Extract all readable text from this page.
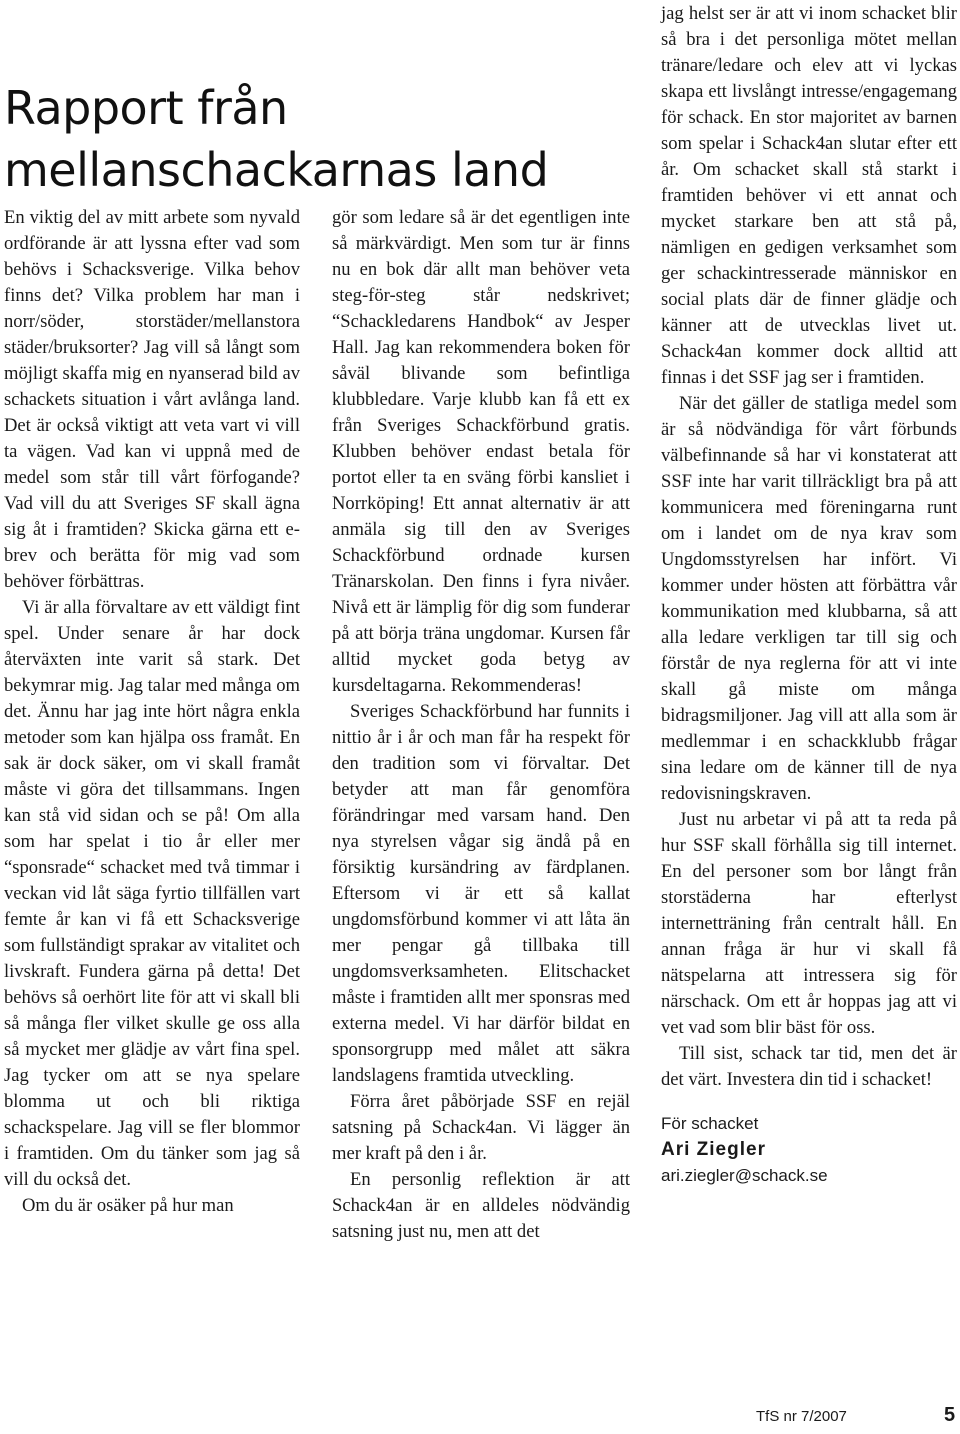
Rapport från
mellanschackarnas land

En viktig del av mitt arbete som nyvald ordförande är att lyssna efter vad som behövs i Schacksverige. Vilka behov finns det? Vilka problem har man i norr/söder, storstäder/mellanstora städer/bruksorter? Jag vill så långt som möjligt skaffa mig en nyanserad bild av schackets situation i vårt avlånga land. Det är också viktigt att veta vart vi vill ta vägen. Vad kan vi uppnå med de medel som står till vårt förfogande? Vad vill du att Sveriges SF skall ägna sig åt i framtiden? Skicka gärna ett e-brev och berätta för mig vad som behöver förbättras.

Vi är alla förvaltare av ett väldigt fint spel. Under senare år har dock återväxten inte varit så stark. Det bekymrar mig. Jag talar med många om det. Ännu har jag inte hört några enkla metoder som kan hjälpa oss framåt. En sak är dock säker, om vi skall framåt måste vi göra det tillsammans. Ingen kan stå vid sidan och se på! Om alla som har spelat i tio år eller mer “sponsrade“ schacket med två timmar i veckan vid låt säga fyrtio tillfällen vart femte år kan vi få ett Schacksverige som fullständigt sprakar av vitalitet och livskraft. Fundera gärna på detta! Det behövs så oerhört lite för att vi skall bli så många fler vilket skulle ge oss alla så mycket mer glädje av vårt fina spel. Jag tycker om att se nya spelare blomma ut och bli riktiga schackspelare. Jag vill se fler blommor i framtiden. Om du tänker som jag så vill du också det.

Om du är osäker på hur man

gör som ledare så är det egentligen inte så märkvärdigt. Men som tur är finns nu en bok där allt man behöver veta steg-för-steg står nedskrivet; “Schackledarens Handbok“ av Jesper Hall. Jag kan rekommendera boken för såväl blivande som befintliga klubbledare. Varje klubb kan få ett ex från Sveriges Schackförbund gratis. Klubben behöver endast betala för portot eller ta en sväng förbi kansliet i Norrköping! Ett annat alternativ är att anmäla sig till den av Sveriges Schackförbund ordnade kursen Tränarskolan. Den finns i fyra nivåer. Nivå ett är lämplig för dig som funderar på att börja träna ungdomar. Kursen får alltid mycket goda betyg av kursdeltagarna. Rekommenderas!

Sveriges Schackförbund har funnits i nittio år i år och man får ha respekt för den tradition som vi förvaltar. Det betyder att man får genomföra förändringar med varsam hand. Den nya styrelsen vågar sig ändå på en försiktig kursändring av färdplanen. Eftersom vi är ett så kallat ungdomsförbund kommer vi att låta än mer pengar gå tillbaka till ungdomsverksamheten. Elitschacket måste i framtiden allt mer sponsras med externa medel. Vi har därför bildat en sponsorgrupp med målet att säkra landslagens framtida utveckling.

Förra året påbörjade SSF en rejäl satsning på Schack4an. Vi lägger än mer kraft på den i år.

En personlig reflektion är att Schack4an är en alldeles nödvändig satsning just nu, men att det

jag helst ser är att vi inom schacket blir så bra i det personliga mötet mellan tränare/ledare och elev att vi lyckas skapa ett livslångt intresse/engagemang för schack. En stor majoritet av barnen som spelar i Schack4an slutar efter ett år. Om schacket skall stå starkt i framtiden behöver vi ett annat och mycket starkare ben att stå på, nämligen en gedigen verksamhet som ger schackintresserade människor en social plats där de finner glädje och känner att de utvecklas livet ut. Schack4an kommer dock alltid att finnas i det SSF jag ser i framtiden.

När det gäller de statliga medel som är så nödvändiga för vårt förbunds välbefinnande så har vi konstaterat att SSF inte har varit tillräckligt bra på att kommunicera med föreningarna runt om i landet om de nya krav som Ungdomsstyrelsen har infört. Vi kommer under hösten att förbättra vår kommunikation med klubbarna, så att alla ledare verkligen tar till sig och förstår de nya reglerna för att vi inte skall gå miste om många bidragsmiljoner. Jag vill att alla som är medlemmar i en schackklubb frågar sina ledare om de känner till de nya redovisningskraven.

Just nu arbetar vi på att ta reda på hur SSF skall förhålla sig till internet. En del personer som bor långt från storstäderna har efterlyst internetträning från centralt håll. En annan fråga är hur vi skall få nätspelarna att intressera sig för närschack. Om ett år hoppas jag att vi vet vad som blir bäst för oss.

Till sist, schack tar tid, men det är det värt. Investera din tid i schacket!

För schacket
Ari Ziegler
ari.ziegler@schack.se
TfS nr 7/2007	5
